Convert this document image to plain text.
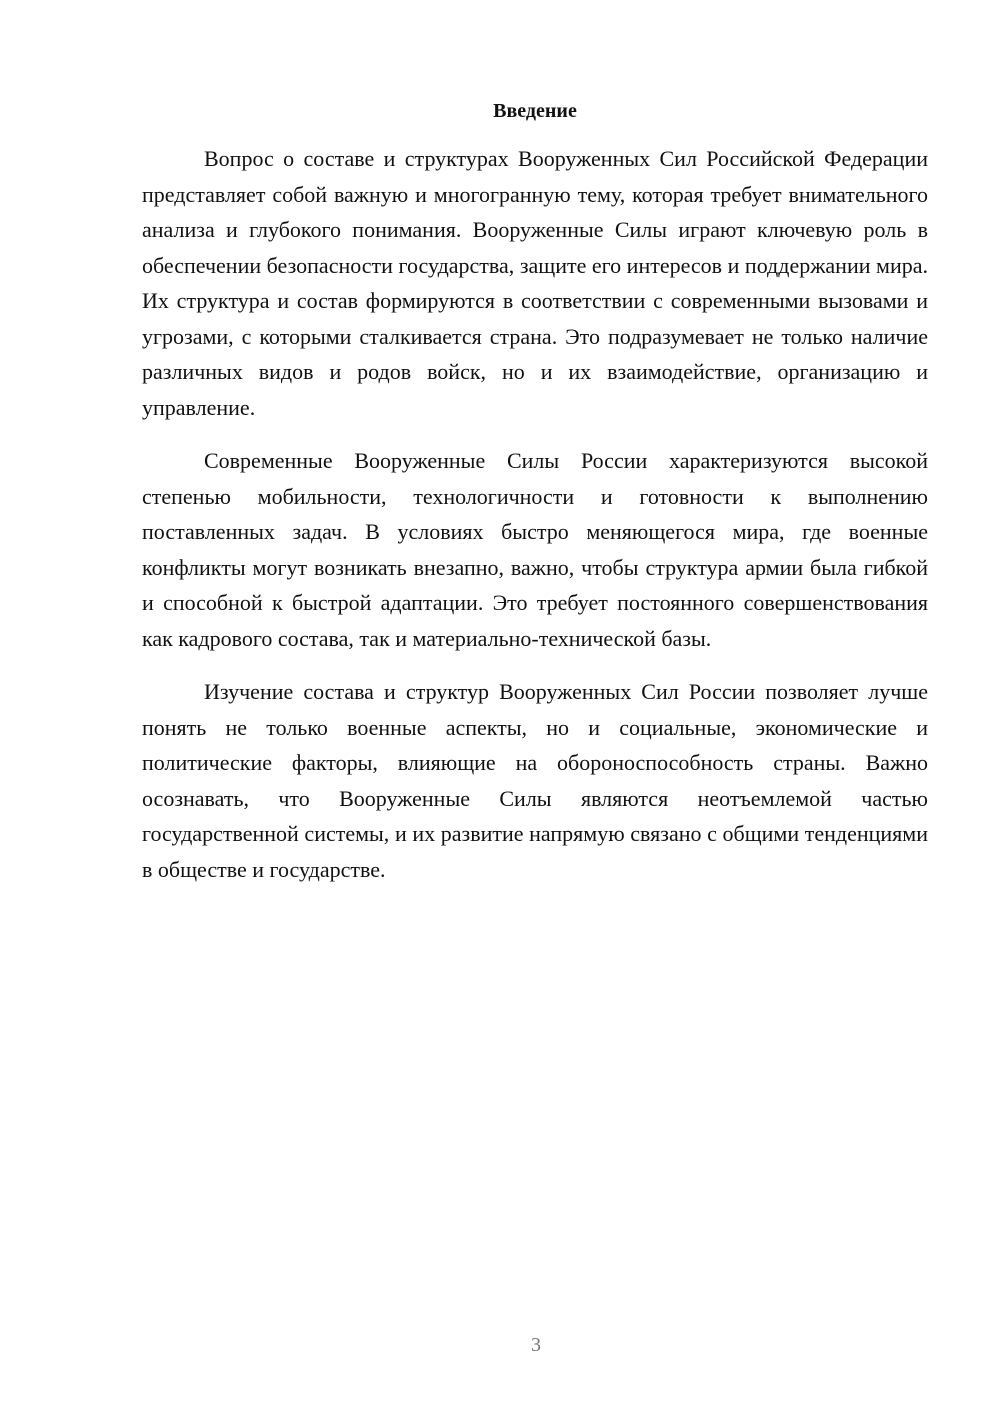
Введение

Вопрос о составе и структурах Вооруженных Сил Российской Федерации представляет собой важную и многогранную тему, которая требует внимательного анализа и глубокого понимания. Вооруженные Силы играют ключевую роль в обеспечении безопасности государства, защите его интересов и поддержании мира. Их структура и состав формируются в соответствии с современными вызовами и угрозами, с которыми сталкивается страна. Это подразумевает не только наличие различных видов и родов войск, но и их взаимодействие, организацию и управление.

Современные Вооруженные Силы России характеризуются высокой степенью мобильности, технологичности и готовности к выполнению поставленных задач. В условиях быстро меняющегося мира, где военные конфликты могут возникать внезапно, важно, чтобы структура армии была гибкой и способной к быстрой адаптации. Это требует постоянного совершенствования как кадрового состава, так и материально-технической базы.

Изучение состава и структур Вооруженных Сил России позволяет лучше понять не только военные аспекты, но и социальные, экономические и политические факторы, влияющие на обороноспособность страны. Важно осознавать, что Вооруженные Силы являются неотъемлемой частью государственной системы, и их развитие напрямую связано с общими тенденциями в обществе и государстве.

3
